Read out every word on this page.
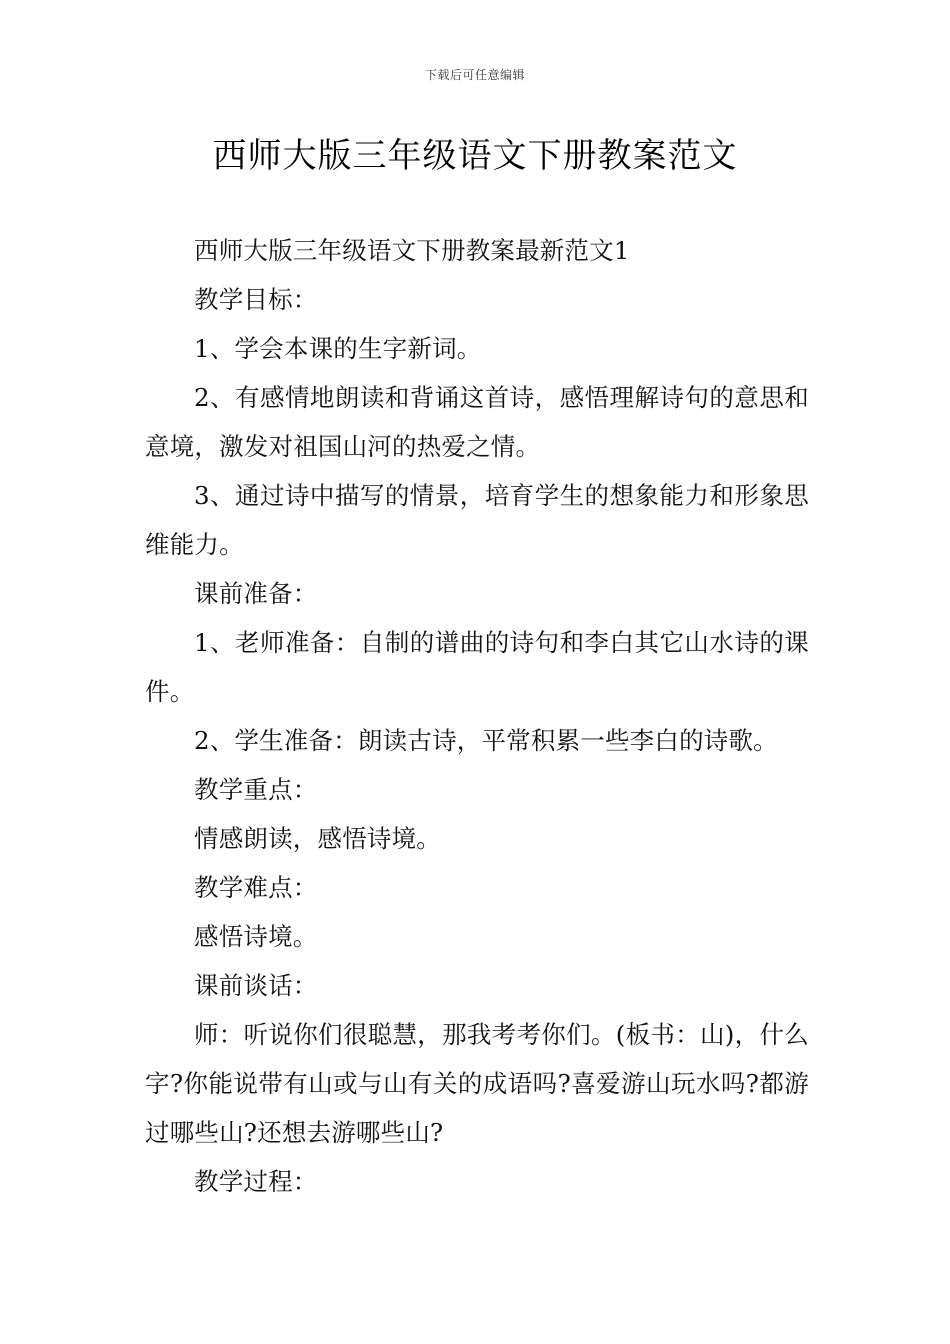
下载后可任意编辑
西师大版三年级语文下册教案范文

西师大版三年级语文下册教案最新范文1

教学目标：

1、学会本课的生字新词。

2、有感情地朗读和背诵这首诗，感悟理解诗句的意思和意境，激发对祖国山河的热爱之情。

3、通过诗中描写的情景，培育学生的想象能力和形象思维能力。

课前准备：

1、老师准备：自制的谱曲的诗句和李白其它山水诗的课件。

2、学生准备：朗读古诗，平常积累一些李白的诗歌。

教学重点：

情感朗读，感悟诗境。

教学难点：

感悟诗境。

课前谈话：

师：听说你们很聪慧，那我考考你们。(板书：山)，什么字?你能说带有山或与山有关的成语吗?喜爱游山玩水吗?都游过哪些山?还想去游哪些山?

教学过程：
